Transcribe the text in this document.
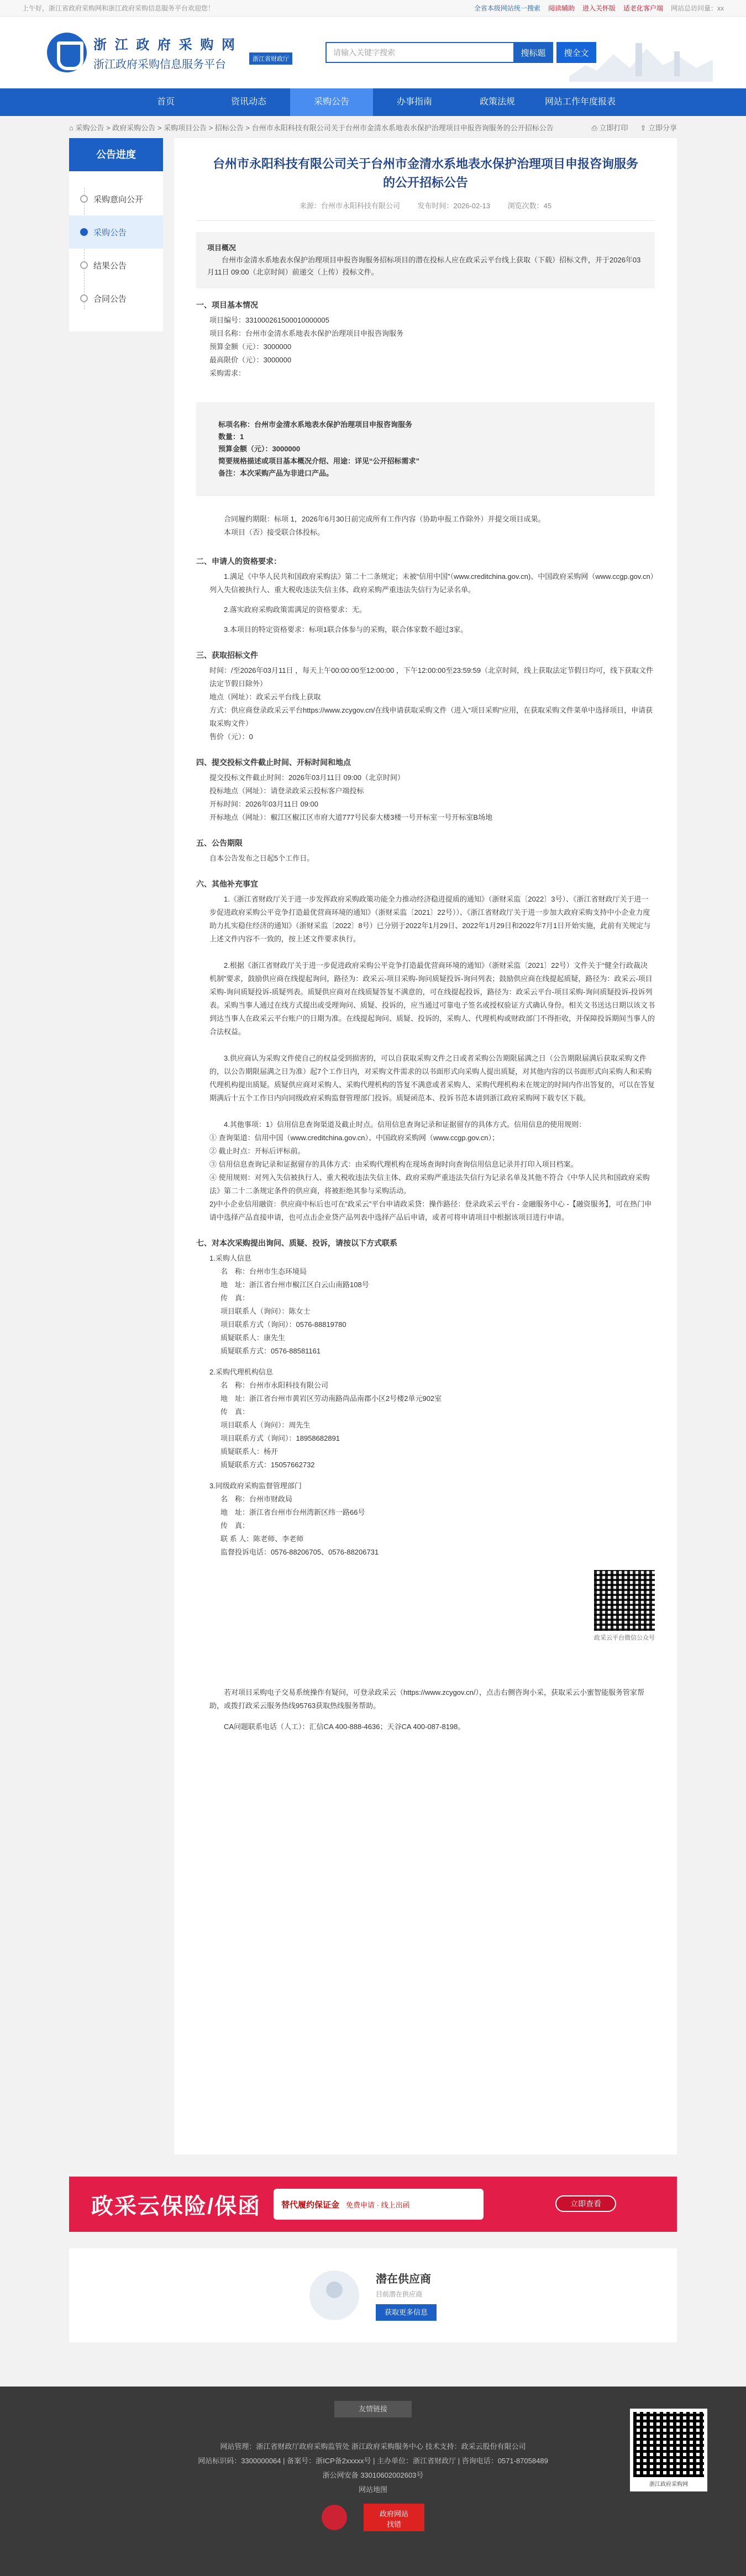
上午好，浙江省政府采购网和浙江政府采购信息服务平台欢迎您！	全省本级网站统一搜索 阅读辅助 进入关怀版 适老化客户端 网站总访问量：xx
浙 江 政 府 采 购 网
浙江政府采购信息服务平台	浙江省财政厅
请输入关键字搜索	搜标题	搜全文
首页	资讯动态	采购公告	办事指南	政策法规	网站工作年度报表
⌂ 采购公告 > 政府采购公告 > 采购项目公告 > 招标公告 > 台州市永阳科技有限公司关于台州市金清水系地表水保护治理项目申报咨询服务的公开招标公告	⎙ 立即打印 ⇪ 立即分享
公告进度
采购意向公开
采购公告
结果公告
合同公告
台州市永阳科技有限公司关于台州市金清水系地表水保护治理项目申报咨询服务的公开招标公告
来源：台州市永阳科技有限公司 发布时间：2026-02-13 浏览次数：45
项目概况
台州市金清水系地表水保护治理项目申报咨询服务招标项目的潜在投标人应在政采云平台线上获取（下载）招标文件，并于2026年03月11日 09:00（北京时间）前递交（上传）投标文件。
一、项目基本情况
项目编号：331000261500010000005
项目名称：台州市金清水系地表水保护治理项目申报咨询服务
预算金额（元）：3000000
最高限价（元）：3000000
采购需求：
标项名称：台州市金清水系地表水保护治理项目申报咨询服务
数量：1
预算金额（元）：3000000
简要规格描述或项目基本概况介绍、用途：详见“公开招标需求”
备注：本次采购产品为非进口产品。
合同履约期限：标项 1，2026年6月30日前完成所有工作内容（协助申报工作除外）并提交项目成果。
本项目（否）接受联合体投标。
二、申请人的资格要求：
1.满足《中华人民共和国政府采购法》第二十二条规定；未被“信用中国”（www.creditchina.gov.cn)、中国政府采购网（www.ccgp.gov.cn）列入失信被执行人、重大税收违法失信主体、政府采购严重违法失信行为记录名单。
2.落实政府采购政策需满足的资格要求：无。
3.本项目的特定资格要求：标项1联合体参与的采购，联合体家数不超过3家。
三、获取招标文件
时间：/至2026年03月11日 ，每天上午00:00:00至12:00:00 ，下午12:00:00至23:59:59（北京时间，线上获取法定节假日均可，线下获取文件法定节假日除外）
地点（网址）：政采云平台线上获取
方式：供应商登录政采云平台https://www.zcygov.cn/在线申请获取采购文件（进入“项目采购”应用，在获取采购文件菜单中选择项目，申请获取采购文件）
售价（元）：0
四、提交投标文件截止时间、开标时间和地点
提交投标文件截止时间：2026年03月11日 09:00（北京时间）
投标地点（网址）：请登录政采云投标客户端投标
开标时间：2026年03月11日 09:00
开标地点（网址）：椒江区椒江区市府大道777号民泰大楼3楼一号开标室一号开标室B场地
五、公告期限
自本公告发布之日起5个工作日。
六、其他补充事宜
1.《浙江省财政厅关于进一步发挥政府采购政策功能全力推动经济稳进提质的通知》（浙财采监〔2022〕3号）、《浙江省财政厅关于进一步促进政府采购公平竞争打造最优营商环境的通知》（浙财采监〔2021〕22号））、《浙江省财政厅关于进一步加大政府采购支持中小企业力度助力扎实稳住经济的通知》（浙财采监〔2022〕8号）已分别于2022年1月29日、2022年1月29日和2022年7月1日开始实施，此前有关规定与上述文件内容不一致的，按上述文件要求执行。
2.根据《浙江省财政厅关于进一步促进政府采购公平竞争打造最优营商环境的通知》（浙财采监〔2021〕22号）文件关于“健全行政裁决机制”要求，鼓励供应商在线提起询问，路径为：政采云-项目采购-询问质疑投诉-询问列表；鼓励供应商在线提起质疑，路径为：政采云-项目采购-询问质疑投诉-质疑列表。质疑供应商对在线质疑答复不满意的，可在线提起投诉，路径为：政采云平台-项目采购-询问质疑投诉-投诉列表。采购当事人通过在线方式提出或受理询问、质疑、投诉的，应当通过可靠电子签名或授权验证方式确认身份。相关文书送达日期以该文书到达当事人在政采云平台账户的日期为准。在线提起询问、质疑、投诉的，采购人、代理机构或财政部门不得拒收，并保障投诉期间当事人的合法权益。
3.供应商认为采购文件使自己的权益受到损害的，可以自获取采购文件之日或者采购公告期限届满之日（公告期限届满后获取采购文件的，以公告期限届满之日为准）起7个工作日内，对采购文件需求的以书面形式向采购人提出质疑，对其他内容的以书面形式向采购人和采购代理机构提出质疑。质疑供应商对采购人、采购代理机构的答复不满意或者采购人、采购代理机构未在规定的时间内作出答复的，可以在答复期满后十五个工作日内向同级政府采购监督管理部门投诉。质疑函范本、投诉书范本请到浙江政府采购网下载专区下载。
4.其他事项：1）信用信息查询渠道及截止时点。信用信息查询记录和证据留存的具体方式。信用信息的使用规则：
① 查询渠道：信用中国（www.creditchina.gov.cn）、中国政府采购网（www.ccgp.gov.cn）；
② 截止时点：开标后评标前。
③ 信用信息查询记录和证据留存的具体方式：由采购代理机构在现场查询时向查询信用信息记录并打印入项目档案。
④ 使用规则：对列入失信被执行人、重大税收违法失信主体、政府采购严重违法失信行为记录名单及其他不符合《中华人民共和国政府采购法》第二十二条规定条件的供应商，将被拒绝其参与采购活动。
2)中小企业信用融资：供应商中标后也可在“政采云”平台申请政采贷：操作路径：登录政采云平台 - 金融服务中心 -【融资服务】，可在热门申请中选择产品直接申请，也可点击企业贷产品列表中选择产品后申请，或者可将申请项目中根据该项目进行申请。
七、对本次采购提出询问、质疑、投诉，请按以下方式联系
1.采购人信息
名　称：台州市生态环境局
地　址：浙江省台州市椒江区白云山南路108号
传　真：
项目联系人（询问）：陈女士
项目联系方式（询问）：0576-88819780
质疑联系人：康先生
质疑联系方式：0576-88581161
2.采购代理机构信息
名　称：台州市永阳科技有限公司
地　址：浙江省台州市黄岩区劳动南路尚品南郡小区2号楼2单元902室
传　真：
项目联系人（询问）：周先生
项目联系方式（询问）：18958682891
质疑联系人：杨开
质疑联系方式：15057662732
3.同级政府采购监督管理部门
名　称：台州市财政局
地　址：浙江省台州市台州湾新区纬一路66号
传　真：
联 系 人：陈老师、李老师
监督投诉电话：0576-88206705、0576-88206731
政采云平台微信公众号
若对项目采购电子交易系统操作有疑问，可登录政采云（https://www.zcygov.cn/），点击右侧咨询小采，获取采云小蜜智能服务管家帮助，或拨打政采云服务热线95763获取热线服务帮助。
CA问题联系电话（人工）：汇信CA 400-888-4636；天谷CA 400-087-8198。
政采云保险/保函 替代履约保证金 免费申请 · 线上出函	立即查看
潜在供应商
目前潜在供应商
获取更多信息
友情链接
网站管理：浙江省财政厅政府采购监管处 浙江政府采购服务中心 技术支持：政采云股份有限公司
网站标识码：3300000064 | 备案号：浙ICP备2xxxxx号 | 主办单位：浙江省财政厅 | 咨询电话：0571-87058489
浙公网安备 33010602002603号
网站地图
政府网站
找错
浙江政府采购网
